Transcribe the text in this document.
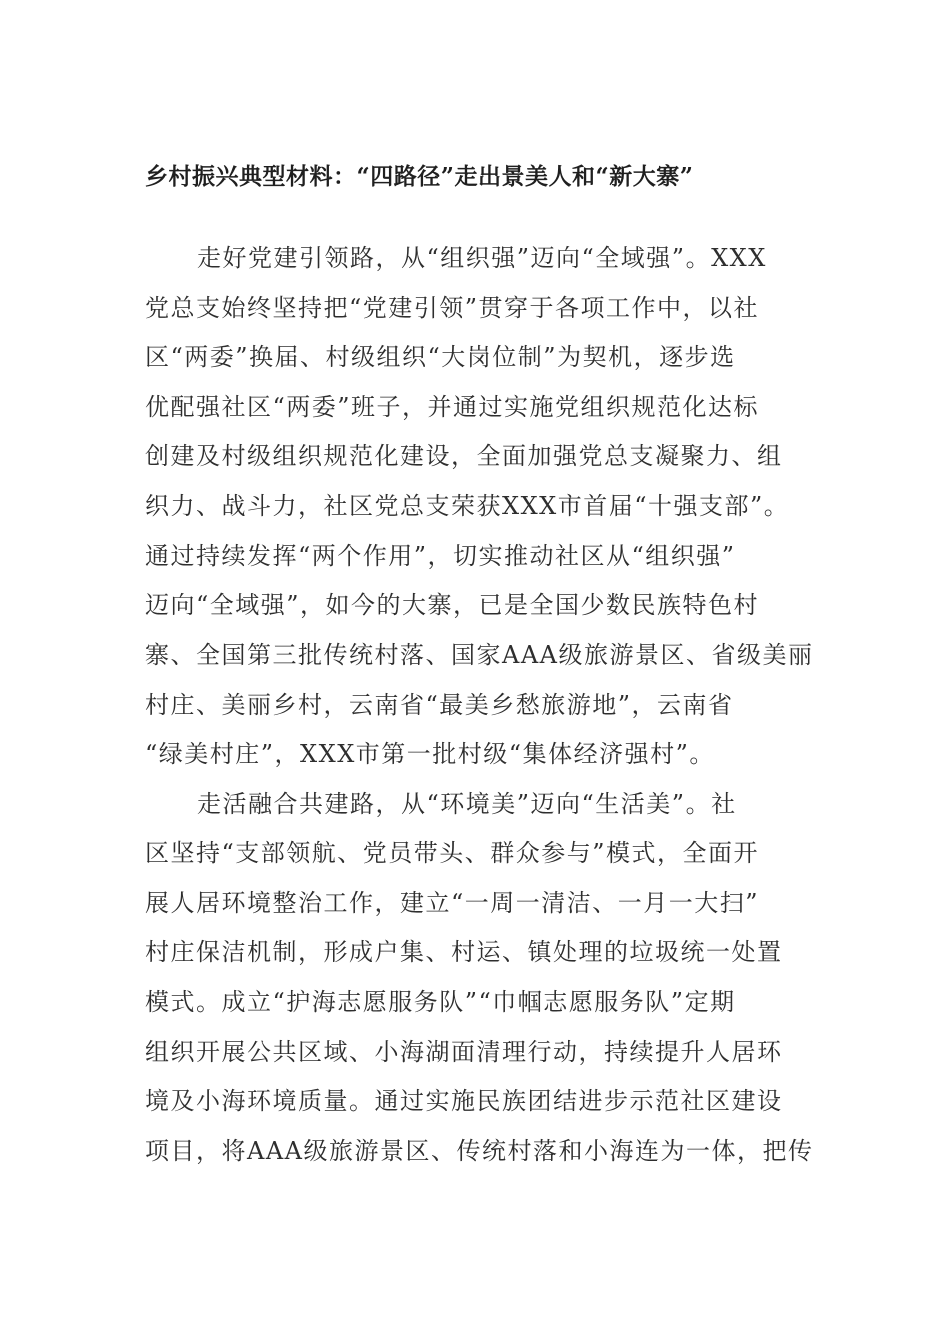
乡村振兴典型材料：“四路径”走出景美人和“新大寨”
走好党建引领路，从“组织强”迈向“全域强”。XXX
党总支始终坚持把“党建引领”贯穿于各项工作中，以社
区“两委”换届、村级组织“大岗位制”为契机，逐步选
优配强社区“两委”班子，并通过实施党组织规范化达标
创建及村级组织规范化建设，全面加强党总支凝聚力、组
织力、战斗力，社区党总支荣获XXX市首届“十强支部”。
通过持续发挥“两个作用”，切实推动社区从“组织强”
迈向“全域强”，如今的大寨，已是全国少数民族特色村
寨、全国第三批传统村落、国家AAA级旅游景区、省级美丽
村庄、美丽乡村，云南省“最美乡愁旅游地”，云南省
“绿美村庄”，XXX市第一批村级“集体经济强村”。
走活融合共建路，从“环境美”迈向“生活美”。社
区坚持“支部领航、党员带头、群众参与”模式，全面开
展人居环境整治工作，建立“一周一清洁、一月一大扫”
村庄保洁机制，形成户集、村运、镇处理的垃圾统一处置
模式。成立“护海志愿服务队”“巾帼志愿服务队”定期
组织开展公共区域、小海湖面清理行动，持续提升人居环
境及小海环境质量。通过实施民族团结进步示范社区建设
项目，将AAA级旅游景区、传统村落和小海连为一体，把传
